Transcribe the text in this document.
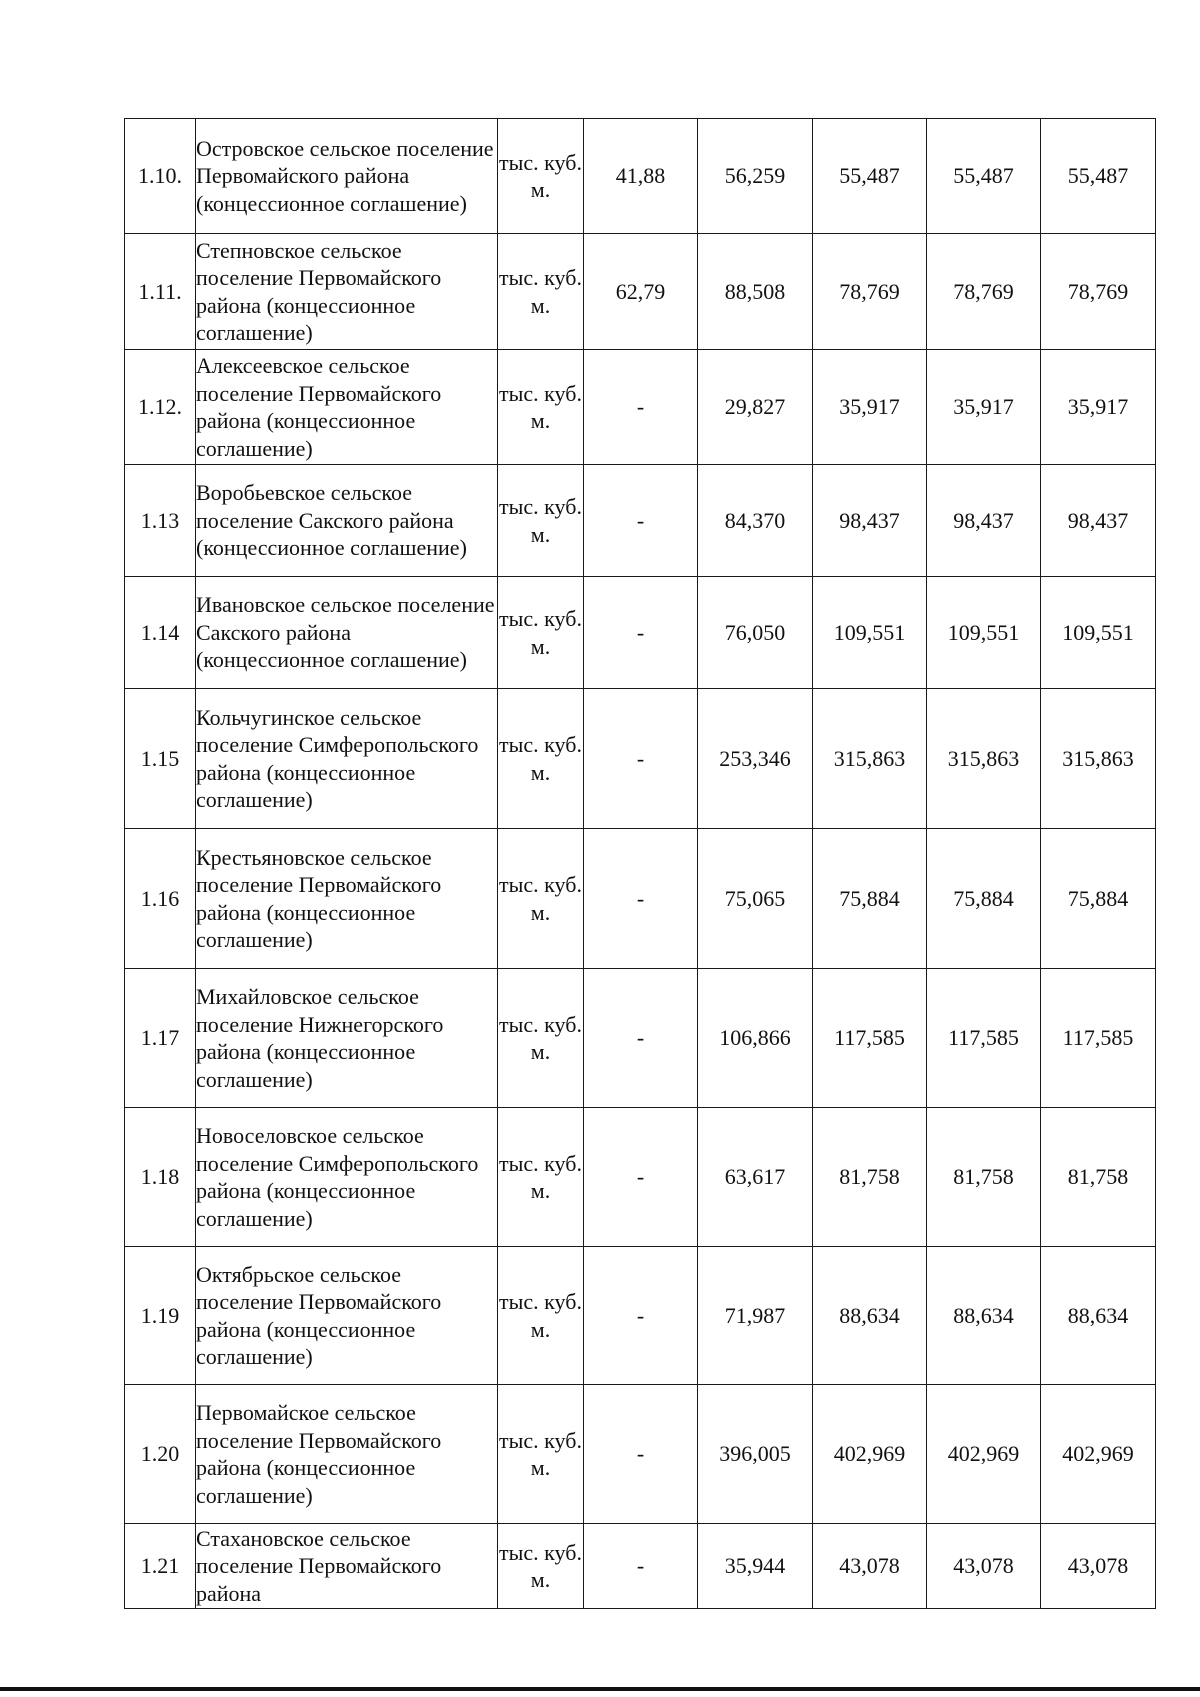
1.10.	Островское сельское поселение Первомайского района (концессионное соглашение)	тыс. куб. м.	41,88	56,259	55,487	55,487	55,487
1.11.	Степновское сельское поселение Первомайского района (концессионное соглашение)	тыс. куб. м.	62,79	88,508	78,769	78,769	78,769
1.12.	Алексеевское сельское поселение Первомайского района (концессионное соглашение)	тыс. куб. м.	-	29,827	35,917	35,917	35,917
1.13	Воробьевское сельское поселение Сакского района (концессионное соглашение)	тыс. куб. м.	-	84,370	98,437	98,437	98,437
1.14	Ивановское сельское поселение Сакского района (концессионное соглашение)	тыс. куб. м.	-	76,050	109,551	109,551	109,551
1.15	Кольчугинское сельское поселение Симферопольского района (концессионное соглашение)	тыс. куб. м.	-	253,346	315,863	315,863	315,863
1.16	Крестьяновское сельское поселение Первомайского района (концессионное соглашение)	тыс. куб. м.	-	75,065	75,884	75,884	75,884
1.17	Михайловское сельское поселение Нижнегорского района (концессионное соглашение)	тыс. куб. м.	-	106,866	117,585	117,585	117,585
1.18	Новоселовское сельское поселение Симферопольского района (концессионное соглашение)	тыс. куб. м.	-	63,617	81,758	81,758	81,758
1.19	Октябрьское сельское поселение Первомайского района (концессионное соглашение)	тыс. куб. м.	-	71,987	88,634	88,634	88,634
1.20	Первомайское сельское поселение Первомайского района (концессионное соглашение)	тыс. куб. м.	-	396,005	402,969	402,969	402,969
1.21	Стахановское сельское поселение Первомайского района	тыс. куб. м.	-	35,944	43,078	43,078	43,078
